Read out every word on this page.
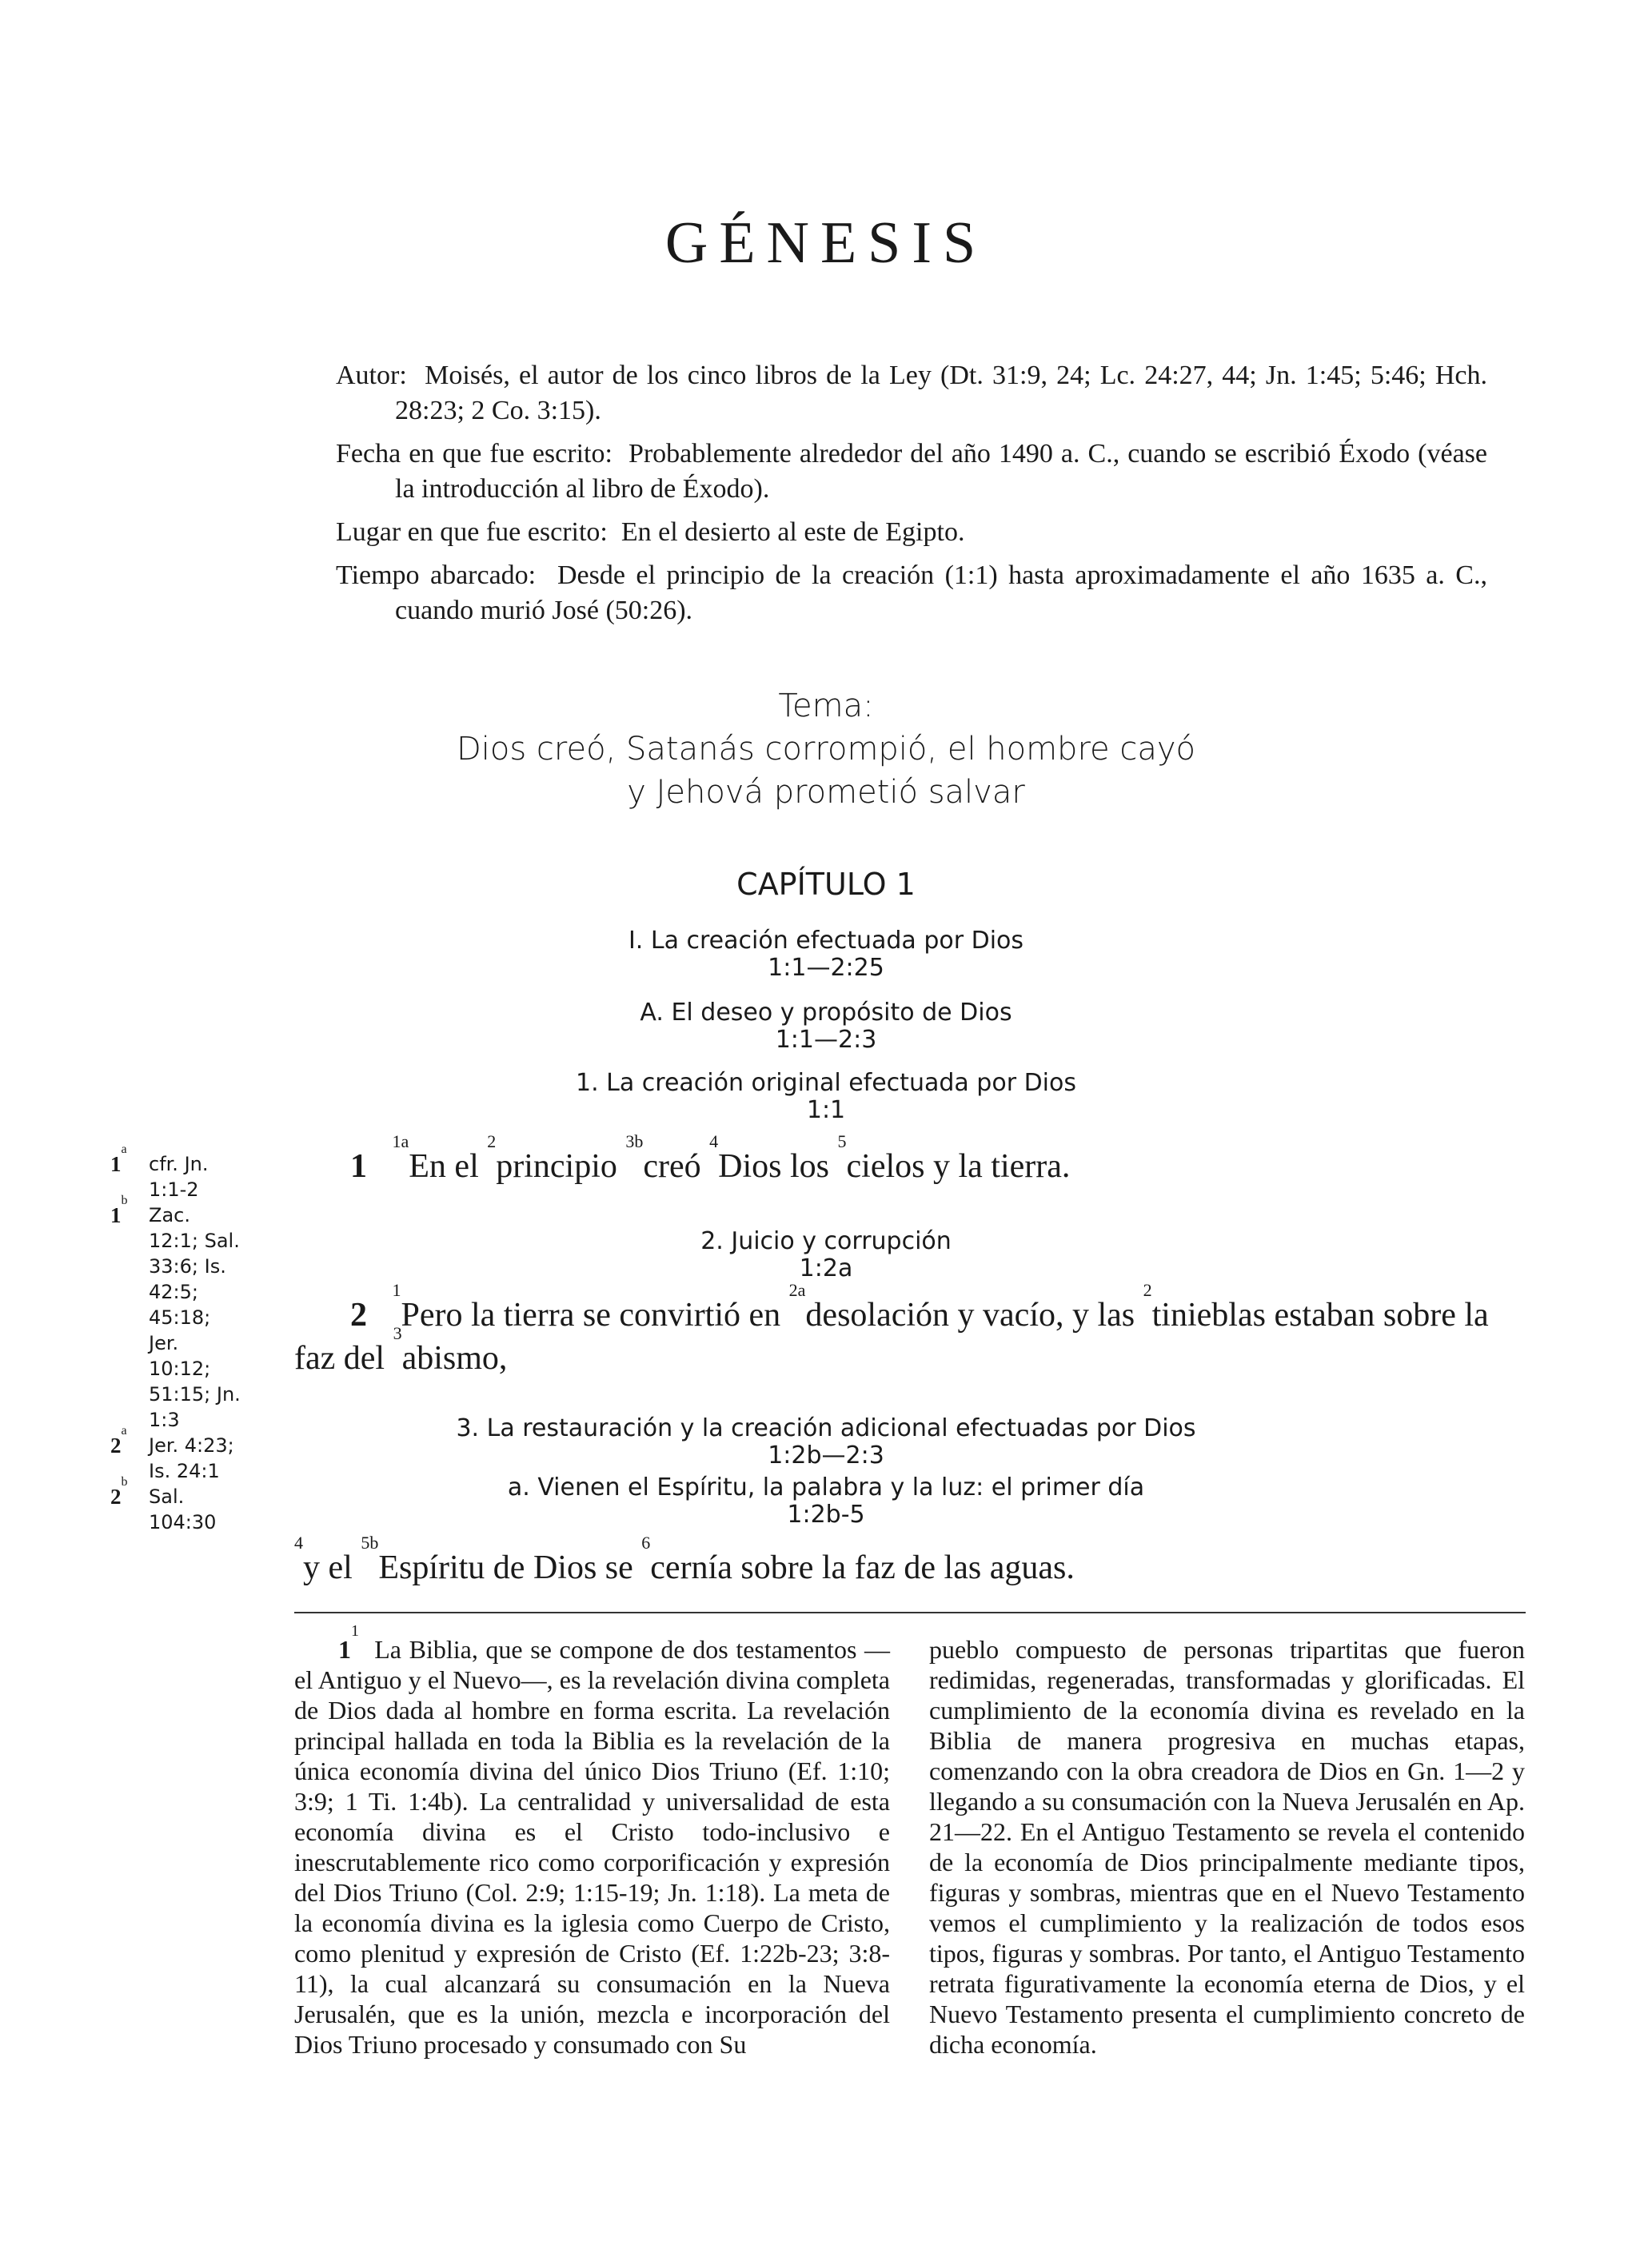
GÉNESIS
Autor: Moisés, el autor de los cinco libros de la Ley (Dt. 31:9, 24; Lc. 24:27, 44; Jn. 1:45; 5:46; Hch. 28:23; 2 Co. 3:15).
Fecha en que fue escrito: Probablemente alrededor del año 1490 a. C., cuando se escribió Éxodo (véase la introducción al libro de Éxodo).
Lugar en que fue escrito: En el desierto al este de Egipto.
Tiempo abarcado: Desde el principio de la creación (1:1) hasta aproximadamente el año 1635 a. C., cuando murió José (50:26).
Tema:
Dios creó, Satanás corrompió, el hombre cayó
y Jehová prometió salvar
CAPÍTULO 1
I. La creación efectuada por Dios
1:1—2:25
A. El deseo y propósito de Dios
1:1—2:3
1. La creación original efectuada por Dios
1:1
1   $^{1a}$En el $^2$principio $^{3b}$creó $^4$Dios los $^5$cielos y la tierra.
2. Juicio y corrupción
1:2a
2   $^1$Pero la tierra se convirtió en $^{2a}$desolación y vacío, y las $^2$tinieblas estaban sobre la faz del $^3$abismo,
3. La restauración y la creación adicional efectuadas por Dios
1:2b—2:3
a. Vienen el Espíritu, la palabra y la luz: el primer día
1:2b-5
$^4$y el $^{5b}$Espíritu de Dios se $^6$cernía sobre la faz de las aguas.
1$^a$
cfr. Jn. 1:1-2
1$^b$
Zac. 12:1; Sal. 33:6; Is. 42:5; 45:18; Jer. 10:12; 51:15; Jn. 1:3
2$^a$
Jer. 4:23; Is. 24:1
2$^b$
Sal. 104:30
$1^1$  La Biblia, que se compone de dos testamentos —el Antiguo y el Nuevo—, es la revelación divina completa de Dios dada al hombre en forma escrita. La revelación principal hallada en toda la Biblia es la revelación de la única economía divina del único Dios Triuno (Ef. 1:10; 3:9; 1 Ti. 1:4b). La centralidad y universalidad de esta economía divina es el Cristo todo-inclusivo e inescrutablemente rico como corporificación y expresión del Dios Triuno (Col. 2:9; 1:15-19; Jn. 1:18). La meta de la economía divina es la iglesia como Cuerpo de Cristo, como plenitud y expresión de Cristo (Ef. 1:22b-23; 3:8-11), la cual alcanzará su consumación en la Nueva Jerusalén, que es la unión, mezcla e incorporación del Dios Triuno procesado y consumado con Su
pueblo compuesto de personas tripartitas que fueron redimidas, regeneradas, transformadas y glorificadas. El cumplimiento de la economía divina es revelado en la Biblia de manera progresiva en muchas etapas, comenzando con la obra creadora de Dios en Gn. 1—2 y llegando a su consumación con la Nueva Jerusalén en Ap. 21—22. En el Antiguo Testamento se revela el contenido de la economía de Dios principalmente mediante tipos, figuras y sombras, mientras que en el Nuevo Testamento vemos el cumplimiento y la realización de todos esos tipos, figuras y sombras. Por tanto, el Antiguo Testamento retrata figurativamente la economía eterna de Dios, y el Nuevo Testamento presenta el cumplimiento concreto de dicha economía.
